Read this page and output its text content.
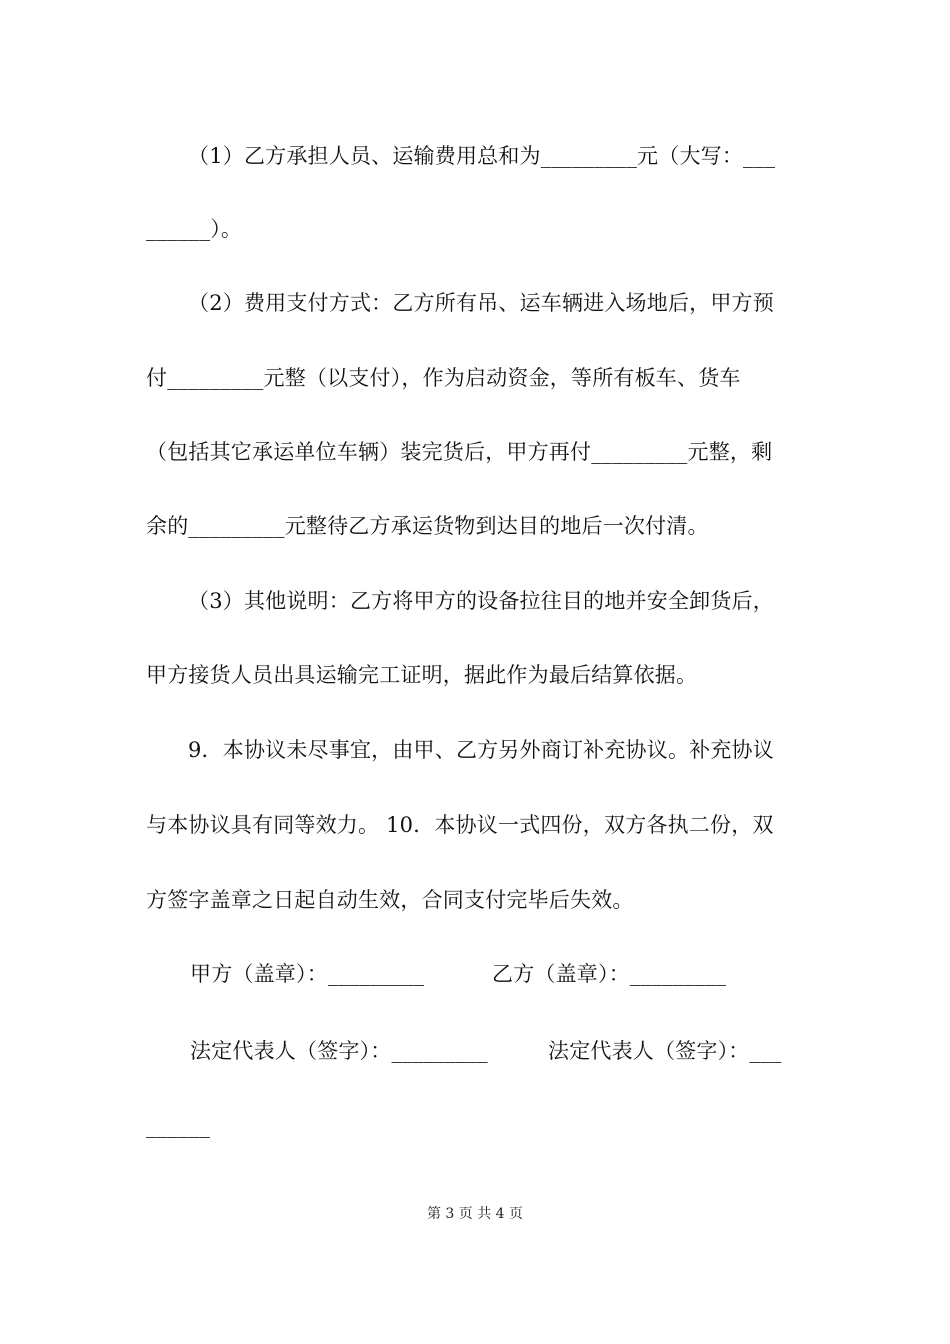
（1）乙方承担人员、运输费用总和为_________元（大写：___
______）。
（2）费用支付方式：乙方所有吊、运车辆进入场地后，甲方预
付_________元整（以支付），作为启动资金，等所有板车、货车
（包括其它承运单位车辆）装完货后，甲方再付_________元整，剩
余的_________元整待乙方承运货物到达目的地后一次付清。
（3）其他说明：乙方将甲方的设备拉往目的地并安全卸货后，
甲方接货人员出具运输完工证明，据此作为最后结算依据。
9．本协议未尽事宜，由甲、乙方另外商订补充协议。补充协议
与本协议具有同等效力。 10．本协议一式四份，双方各执二份，双
方签字盖章之日起自动生效，合同支付完毕后失效。
甲方（盖章）：_________	乙方（盖章）：_________
法定代表人（签字）：_________	法定代表人（签字）：___
______
第 3 页 共 4 页
